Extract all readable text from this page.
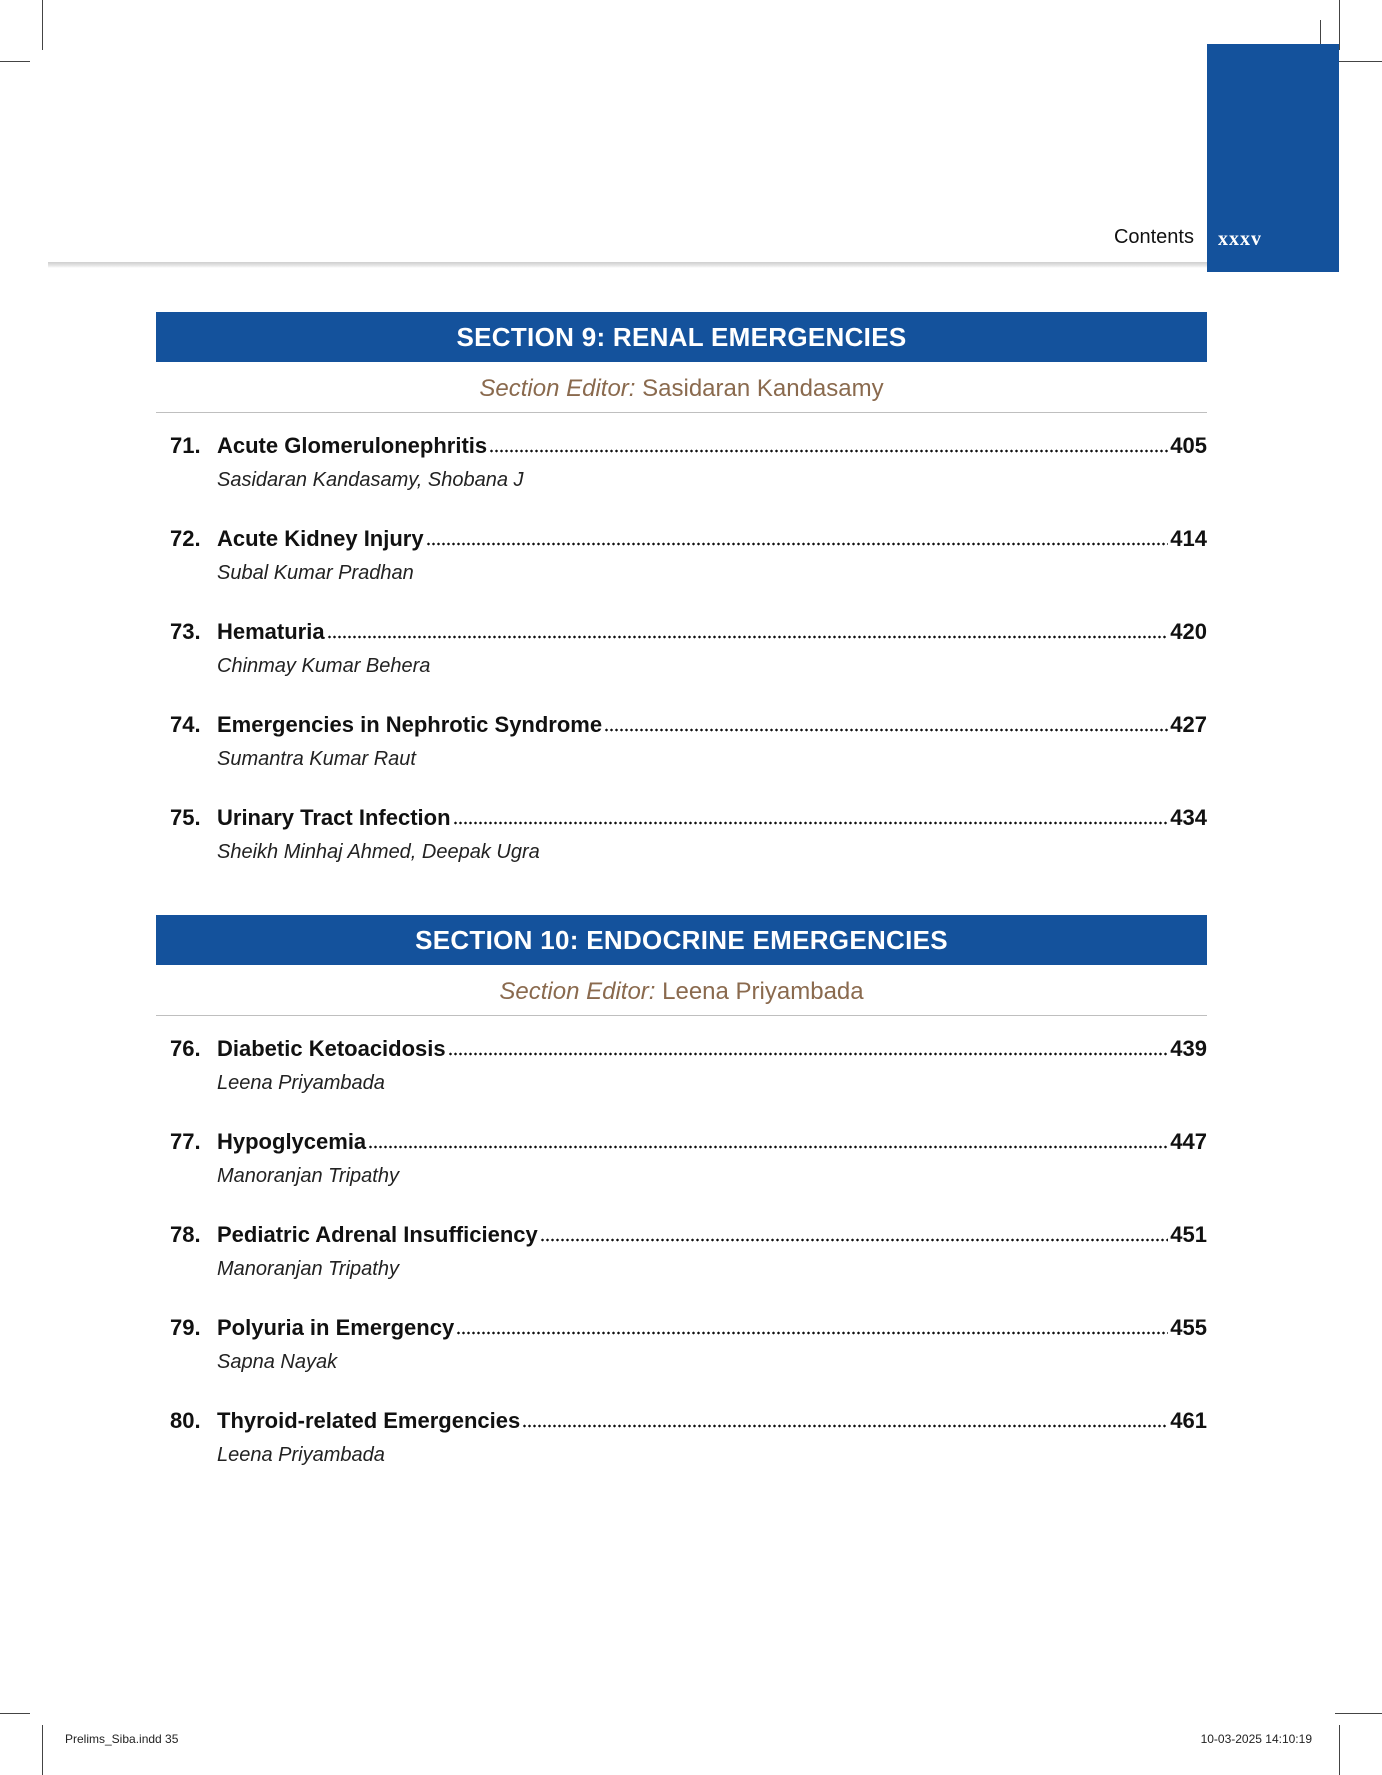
xxxv
Contents
SECTION 9: RENAL EMERGENCIES
Section Editor: Sasidaran Kandasamy
71. Acute Glomerulonephritis	405
Sasidaran Kandasamy, Shobana J
72. Acute Kidney Injury	414
Subal Kumar Pradhan
73. Hematuria	420
Chinmay Kumar Behera
74. Emergencies in Nephrotic Syndrome	427
Sumantra Kumar Raut
75. Urinary Tract Infection	434
Sheikh Minhaj Ahmed, Deepak Ugra
SECTION 10: ENDOCRINE EMERGENCIES
Section Editor: Leena Priyambada
76. Diabetic Ketoacidosis	439
Leena Priyambada
77. Hypoglycemia	447
Manoranjan Tripathy
78. Pediatric Adrenal Insufficiency	451
Manoranjan Tripathy
79. Polyuria in Emergency	455
Sapna Nayak
80. Thyroid-related Emergencies	461
Leena Priyambada
Prelims_Siba.indd 35	10-03-2025 14:10:19
